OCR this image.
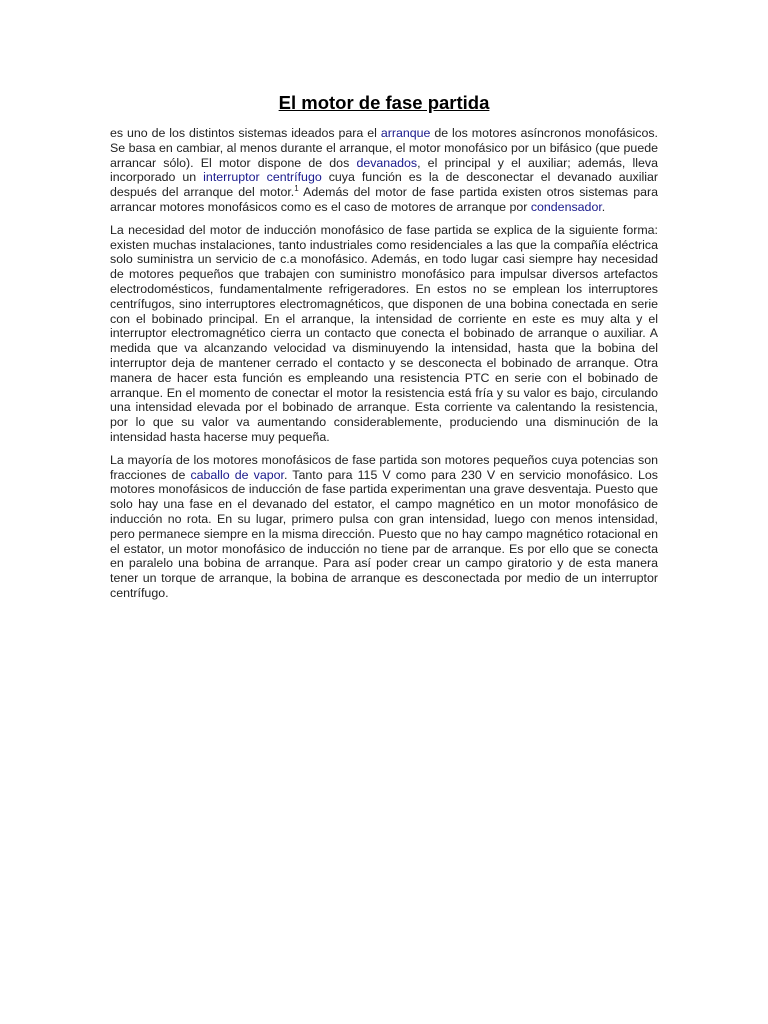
El motor de fase partida

es uno de los distintos sistemas ideados para el arranque de los motores asíncronos monofásicos. Se basa en cambiar, al menos durante el arranque, el motor monofásico por un bifásico (que puede arrancar sólo). El motor dispone de dos devanados, el principal y el auxiliar; además, lleva incorporado un interruptor centrífugo cuya función es la de desconectar el devanado auxiliar después del arranque del motor.$^1$ Además del motor de fase partida existen otros sistemas para arrancar motores monofásicos como es el caso de motores de arranque por condensador.

La necesidad del motor de inducción monofásico de fase partida se explica de la siguiente forma: existen muchas instalaciones, tanto industriales como residenciales a las que la compañía eléctrica solo suministra un servicio de c.a monofásico. Además, en todo lugar casi siempre hay necesidad de motores pequeños que trabajen con suministro monofásico para impulsar diversos artefactos electrodomésticos, fundamentalmente refrigeradores. En estos no se emplean los interruptores centrífugos, sino interruptores electromagnéticos, que disponen de una bobina conectada en serie con el bobinado principal. En el arranque, la intensidad de corriente en este es muy alta y el interruptor electromagnético cierra un contacto que conecta el bobinado de arranque o auxiliar. A medida que va alcanzando velocidad va disminuyendo la intensidad, hasta que la bobina del interruptor deja de mantener cerrado el contacto y se desconecta el bobinado de arranque. Otra manera de hacer esta función es empleando una resistencia PTC en serie con el bobinado de arranque. En el momento de conectar el motor la resistencia está fría y su valor es bajo, circulando una intensidad elevada por el bobinado de arranque. Esta corriente va calentando la resistencia, por lo que su valor va aumentando considerablemente, produciendo una disminución de la intensidad hasta hacerse muy pequeña.

La mayoría de los motores monofásicos de fase partida son motores pequeños cuya potencias son fracciones de caballo de vapor. Tanto para 115 V como para 230 V en servicio monofásico. Los motores monofásicos de inducción de fase partida experimentan una grave desventaja. Puesto que solo hay una fase en el devanado del estator, el campo magnético en un motor monofásico de inducción no rota. En su lugar, primero pulsa con gran intensidad, luego con menos intensidad, pero permanece siempre en la misma dirección. Puesto que no hay campo magnético rotacional en el estator, un motor monofásico de inducción no tiene par de arranque. Es por ello que se conecta en paralelo una bobina de arranque. Para así poder crear un campo giratorio y de esta manera tener un torque de arranque, la bobina de arranque es desconectada por medio de un interruptor centrífugo.
